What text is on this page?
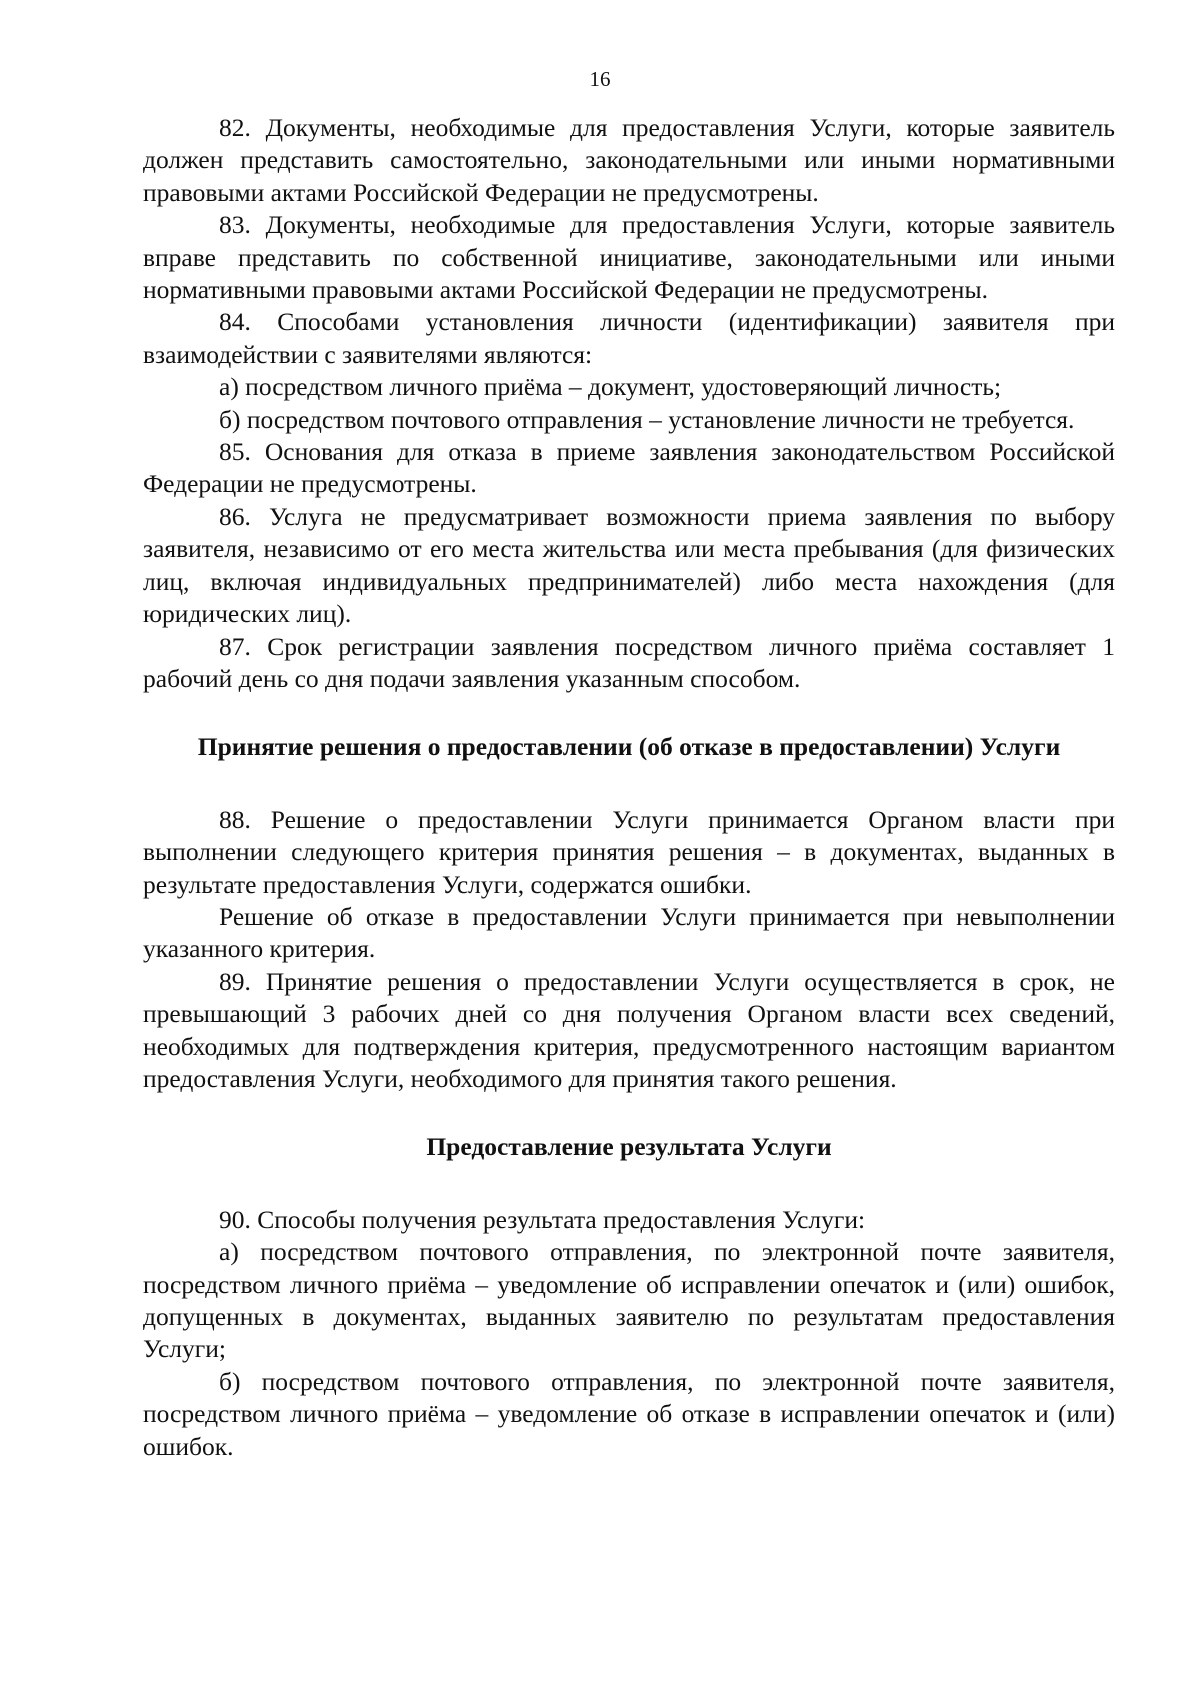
16

82. Документы, необходимые для предоставления Услуги, которые заявитель должен представить самостоятельно, законодательными или иными нормативными правовыми актами Российской Федерации не предусмотрены.

83. Документы, необходимые для предоставления Услуги, которые заявитель вправе представить по собственной инициативе, законодательными или иными нормативными правовыми актами Российской Федерации не предусмотрены.

84. Способами установления личности (идентификации) заявителя при взаимодействии с заявителями являются:

а) посредством личного приёма – документ, удостоверяющий личность;

б) посредством почтового отправления – установление личности не требуется.

85. Основания для отказа в приеме заявления законодательством Российской Федерации не предусмотрены.

86. Услуга не предусматривает возможности приема заявления по выбору заявителя, независимо от его места жительства или места пребывания (для физических лиц, включая индивидуальных предпринимателей) либо места нахождения (для юридических лиц).

87. Срок регистрации заявления посредством личного приёма составляет 1 рабочий день со дня подачи заявления указанным способом.

Принятие решения о предоставлении (об отказе в предоставлении) Услуги

88. Решение о предоставлении Услуги принимается Органом власти при выполнении следующего критерия принятия решения – в документах, выданных в результате предоставления Услуги, содержатся ошибки.

Решение об отказе в предоставлении Услуги принимается при невыполнении указанного критерия.

89. Принятие решения о предоставлении Услуги осуществляется в срок, не превышающий 3 рабочих дней со дня получения Органом власти всех сведений, необходимых для подтверждения критерия, предусмотренного настоящим вариантом предоставления Услуги, необходимого для принятия такого решения.

Предоставление результата Услуги

90. Способы получения результата предоставления Услуги:

а) посредством почтового отправления, по электронной почте заявителя, посредством личного приёма – уведомление об исправлении опечаток и (или) ошибок, допущенных в документах, выданных заявителю по результатам предоставления Услуги;

б) посредством почтового отправления, по электронной почте заявителя, посредством личного приёма – уведомление об отказе в исправлении опечаток и (или) ошибок.
